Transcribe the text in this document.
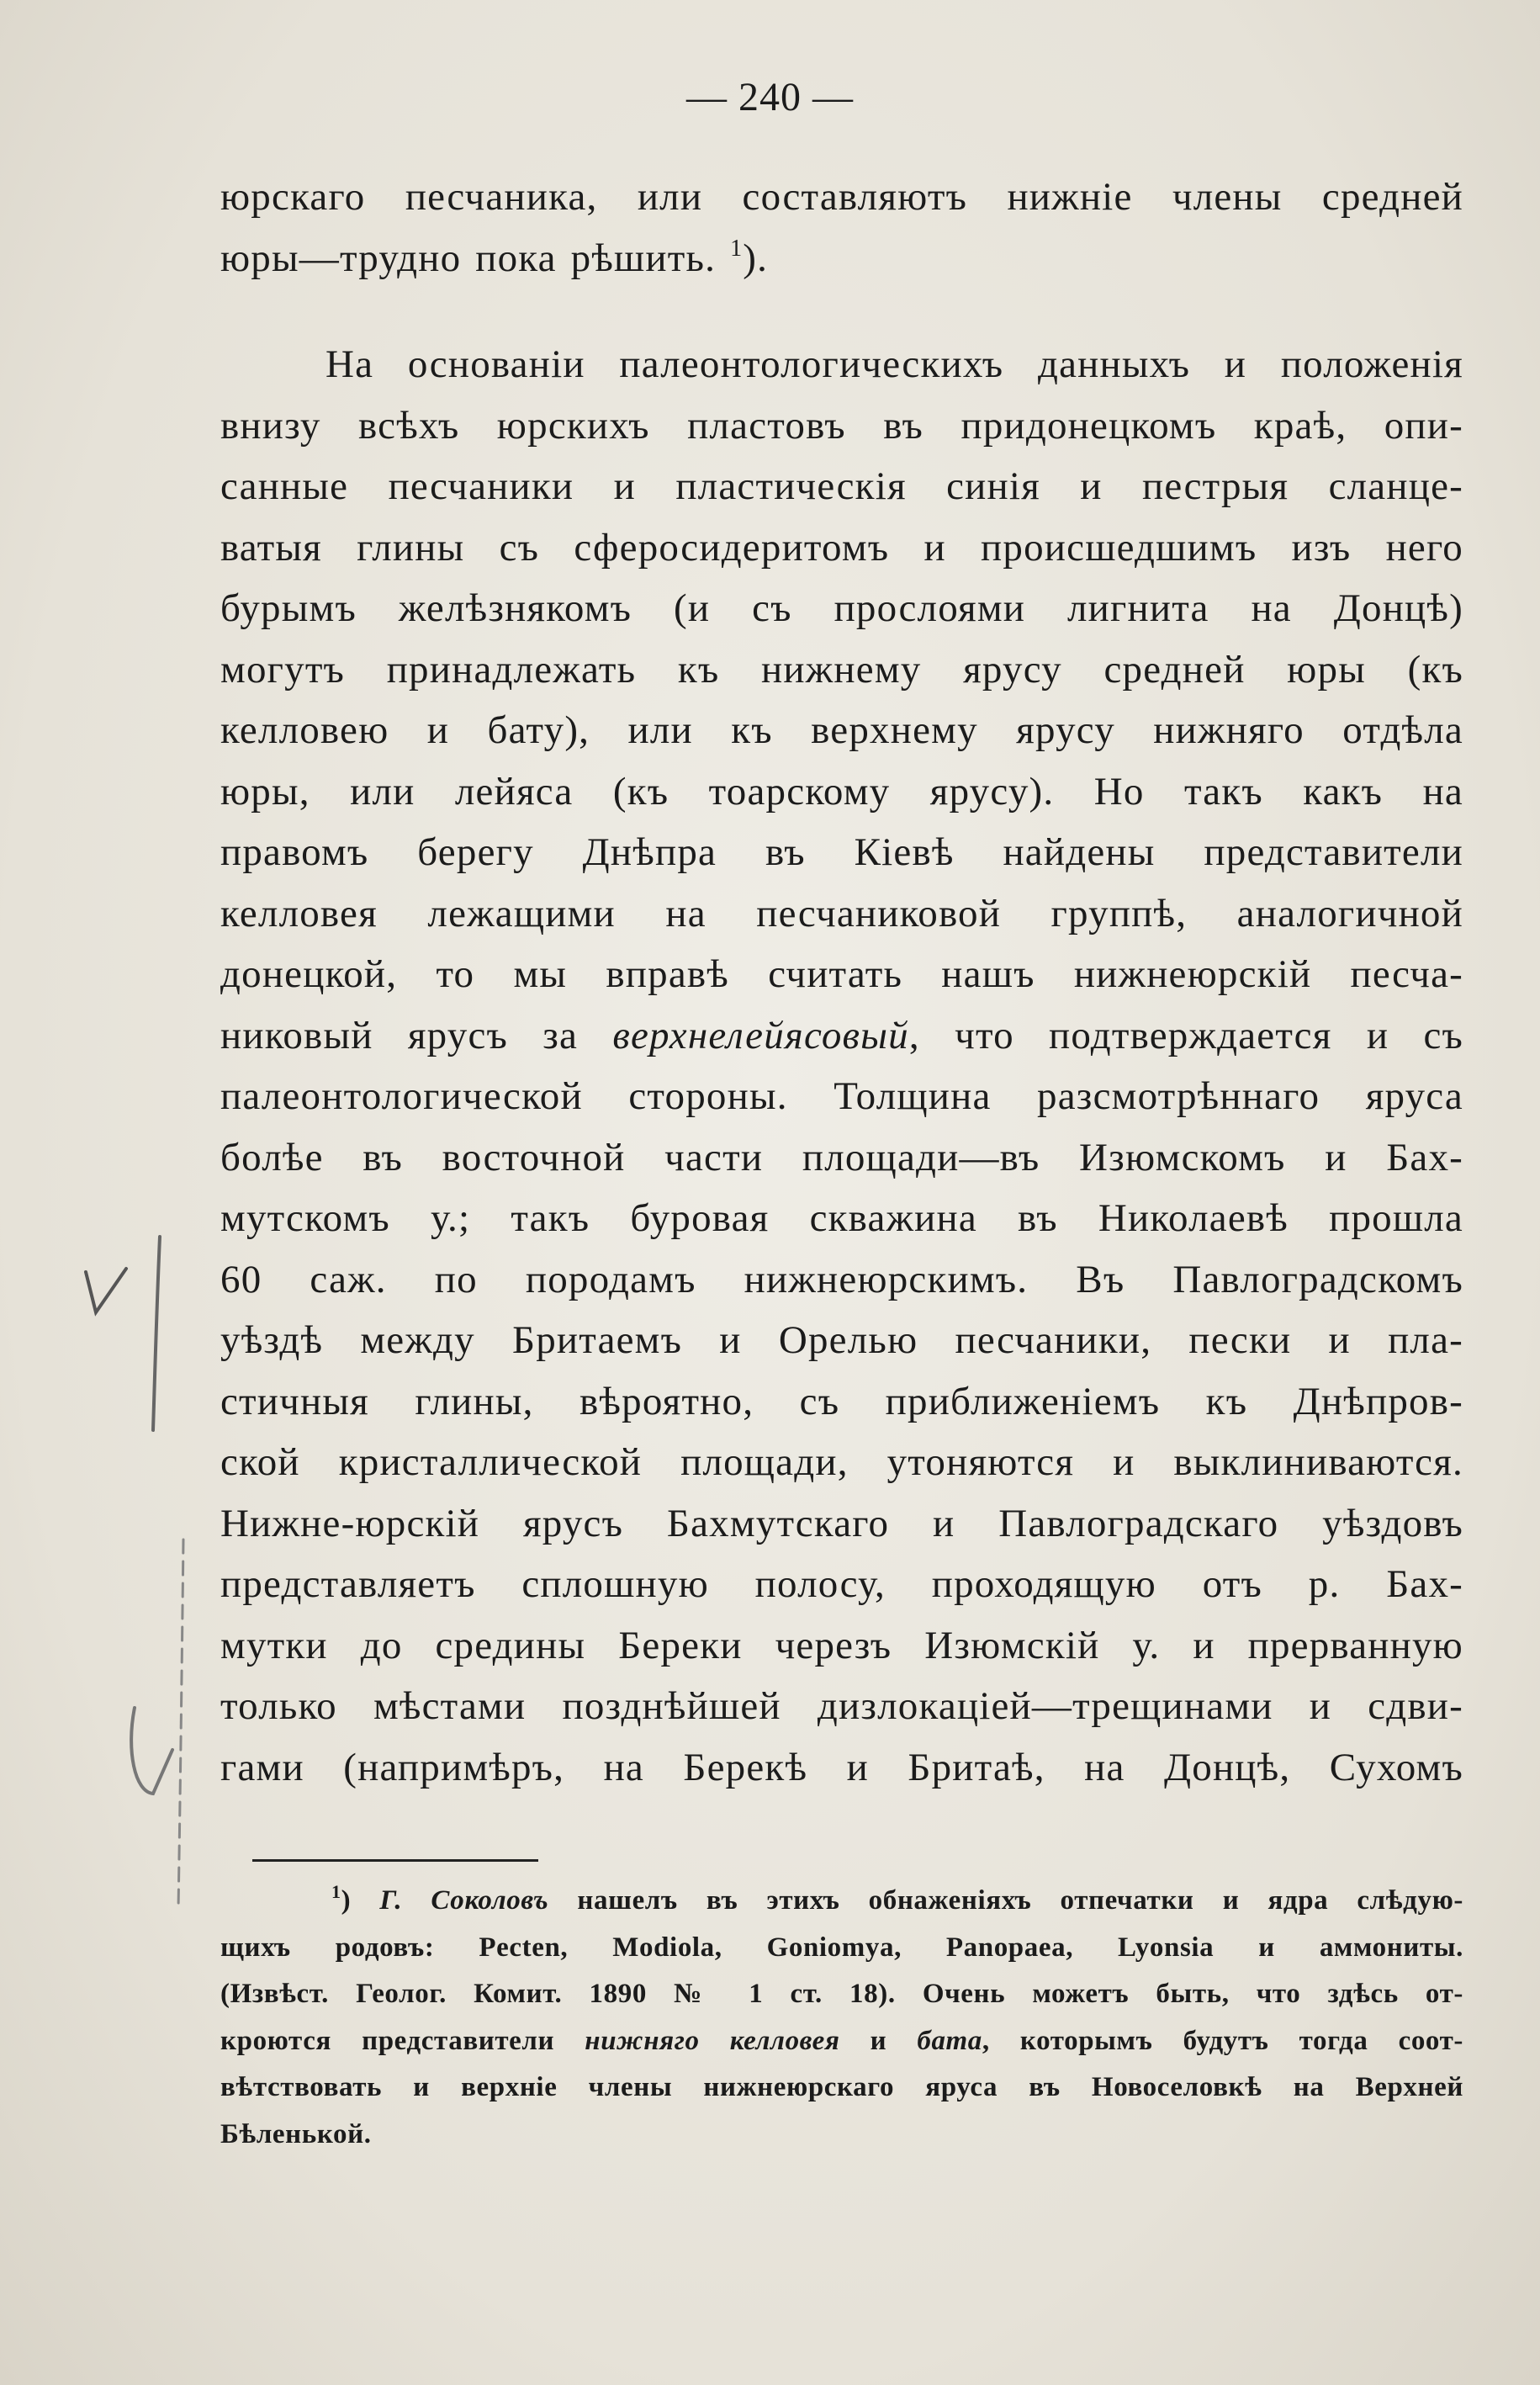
— 240 —
юрскаго песчаника, или составляютъ нижніе члены средней
юры—трудно пока рѣшить. $^1$).
На основаніи палеонтологическихъ данныхъ и положенія
внизу всѣхъ юрскихъ пластовъ въ придонецкомъ краѣ, опи-
санные песчаники и пластическія синія и пестрыя сланце-
ватыя глины съ сферосидеритомъ и происшедшимъ изъ него
бурымъ желѣзнякомъ (и съ прослоями лигнита на Донцѣ)
могутъ принадлежать къ нижнему ярусу средней юры (къ
келловею и бату), или къ верхнему ярусу нижняго отдѣла
юры, или лейяса (къ тоарскому ярусу). Но такъ какъ на
правомъ берегу Днѣпра въ Кіевѣ найдены представители
келловея лежащими на песчаниковой группѣ, аналогичной
донецкой, то мы вправѣ считать нашъ нижнеюрскій песча-
никовый ярусъ за верхнелейясовый, что подтверждается и съ
палеонтологической стороны. Толщина разсмотрѣннаго яруса
болѣе въ восточной части площади—въ Изюмскомъ и Бах-
мутскомъ у.; такъ буровая скважина въ Николаевѣ прошла
60 саж. по породамъ нижнеюрскимъ. Въ Павлоградскомъ
уѣздѣ между Бритаемъ и Орелью песчаники, пески и пла-
стичныя глины, вѣроятно, съ приближеніемъ къ Днѣпров-
ской кристаллической площади, утоняются и выклиниваются.
Нижне-юрскій ярусъ Бахмутскаго и Павлоградскаго уѣздовъ
представляетъ сплошную полосу, проходящую отъ р. Бах-
мутки до средины Береки черезъ Изюмскій у. и прерванную
только мѣстами позднѣйшей дизлокаціей—трещинами и сдви-
гами (напримѣръ, на Берекѣ и Бритаѣ, на Донцѣ, Сухомъ
$^1$) Г. Соколовъ нашелъ въ этихъ обнаженіяхъ отпечатки и ядра слѣдую-
щихъ родовъ: Pecten, Modiola, Goniomya, Panopaea, Lyonsia и аммониты.
(Извѣст. Геолог. Комит. 1890 № 1 ст. 18). Очень можетъ быть, что здѣсь от-
кроются представители нижняго келловея и бата, которымъ будутъ тогда соот-
вѣтствовать и верхніе члены нижнеюрскаго яруса въ Новоселовкѣ на Верхней
Бѣленькой.
